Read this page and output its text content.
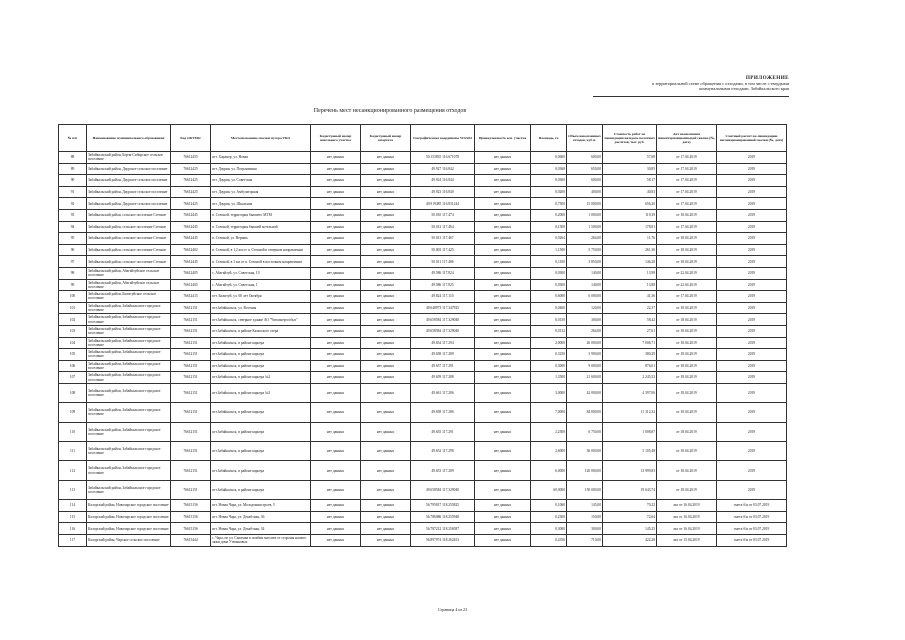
ПРИЛОЖЕНИЕ
к территориальной схеме обращения с отходами, в том числе с твердыми
коммунальными отходами, Забайкальского края
Перечень мест несанкционированного размещения отходов
№ п/п	Наименование муниципального образования	Код ОКТМО	Местоположение свалки мусора ТКО	Кадастровый номер земельного участка	Кадастровый номер квартала	Географические координаты WGS84	Принадлежность зем. участка	Площадь, га	Объем накопленных отходов, куб.м.	Стоимость работ по ликвидации на/вдоль полотных расчетов, тыс. руб.	Акт выполнения инвентаризационныдой свалки (№, дата)	Сметный расчет на ликвидацию несанкционированной свалки (№, дата)
88	Забайкальский район, Борзя-Сибирское сельское поселение	76612455	пгт. Харанор, ул. Новая	нет данных	нет данных	50.153835 116.671078	нет данных	0,0600	600,00	57,68	от 17.04.2019	2019
89	Забайкальский район, Даурское сельское поселение	76612425	пгт. Даурия, ул. Пограничная	нет данных	нет данных	49.927 116.842	нет данных	0,0368	650,00	30,85	от 17.04.2019	2019
90	Забайкальский район, Даурское сельское поселение	76612425	пгт. Даурия, ул. Советская	нет данных	нет данных	49.924 116.844	нет данных	0,0300	600,00	58,17	от 17.04.2019	2019
91	Забайкальский район, Даурское сельское поселение	76612425	пгт. Даурия, ул. Амбулаторная	нет данных	нет данных	49.923 116.840	нет данных	0,0200	400,00	40,83	от 17.04.2019	2019
92	Забайкальский район, Даурское сельское поселение	76612425	пгт. Даурия, ул. Школьная	нет данных	нет данных	49.919485 116.831244	нет данных	0,7500	15 000,00	656,20	от 17.04.2019	2019
93	Забайкальский район, сельское поселение Степное	76612445	п. Степной, территория бывшего МТМ	нет данных	нет данных	50.010 117.474	нет данных	0,2000	1 000,00	119,39	от 18.04.2019	2019
94	Забайкальский район, сельское поселение Степное	76612445	п. Степной, территория бывшей котельной	нет данных	нет данных	50.012 117.464	нет данных	0,1500	1 500,00	178,81	от 17.04.2019	2019
95	Забайкальский район, сельское поселение Степное	76612445	п. Степной, ул. Веришь	нет данных	нет данных	50.013 117.467	нет данных	0,0264	264,00	11,76	от 18.04.2019	2019
96	Забайкальский район, сельское поселение Степное	76612402	п. Степной, в 1,2 км от п. Степной в северном направлении	нет данных	нет данных	50.002 117.425	нет данных	1,1500	5 750,00	261,36	от 18.04.2019	2019
97	Забайкальский район, сельское поселение Степное	76612445	п. Степной, в 1 км от п. Степной в восточном направлении	нет данных	нет данных	50.011 117.486	нет данных	0,1100	3 850,00	146,20	от 18.04.2019	2019
98	Забайкальский район, Абагайтуйское сельское поселение	76612405	с. Абагайтуй, ул. Советская, 10	нет данных	нет данных	49.586 117.824	нет данных	0,0300	140,00	13,98	от 22.04.2019	2019
99	Забайкальский район, Абагайтуйское сельское поселение	76612405	с. Абагайтуй, ул. Советская, 1	нет данных	нет данных	49.586 117.825	нет данных	0,0300	140,00	13,88	от 22.04.2019	2019
100	Забайкальский район, Билитуйское сельское поселение	76612415	пгт. Билитуй, ул. 60 лет Октября	нет данных	нет данных	49.824 117.110	нет данных	0,6000	6 000,00	41,36	от 17.04.2019	2019
101	Забайкальский район, Забайкальское городское поселение	76612151	пгт.Забайкальск, ул. Восеная	нет данных	нет данных	49.648973 117.347925	нет данных	0,0460	120,00	22,37	от 18.04.2019	2019
102	Забайкальский район, Забайкальское городское поселение	76612151	пгт.Забайкальск, северное здание АО "Читаэнергосбыт"	нет данных	нет данных	49.658584 117.329040	нет данных	0,0150	300,00	58,42	от 18.04.2019	2019
103	Забайкальский район, Забайкальское городское поселение	76612151	пгт.Забайкальск, в районе Казахского озера	нет данных	нет данных	49.658584 117.329040	нет данных	0,0132	264,00	27,61	от 18.04.2019	2019
104	Забайкальский район, Забайкальское городское поселение	76612151	пгт.Забайкальск, в районе карьера	нет данных	нет данных	49.654 117.294	нет данных	2,0000	26 000,00	7 006,71	от 18.04.2019	2019
105	Забайкальский район, Забайкальское городское поселение	76612151	пгт.Забайкальск, в районе карьера	нет данных	нет данных	49.658 117.289	нет данных	0,3250	3 900,00	380,29	от 18.04.2019	2019
106	Забайкальский район, Забайкальское городское поселение	76612151	пгт.Забайкальск, в районе карьера	нет данных	нет данных	49.657 117.291	нет данных	0,3000	9 000,00	876,01	от 18.04.2019	2019
107	Забайкальский район, Забайкальское городское поселение	76612151	пгт.Забайкальск, в районе карьера №2	нет данных	нет данных	49.659 117.288	нет данных	1,3500	21 600,00	2 245,52	от 18.04.2019	2019
108	Забайкальский район, Забайкальское городское поселение	76612151	пгт.Забайкальск, в районе карьера №3	нет данных	нет данных	49.661 117.286	нет данных	3,0000	42 000,00	4 397,06	от 18.04.2019	2019
109	Забайкальский район, Забайкальское городское поселение	76612151	пгт.Забайкальск, в районе карьера	нет данных	нет данных	49.658 117.286	нет данных	7,0000	84 000,00	11 312,32	от 18.04.2019	2019
110	Забайкальский район, Забайкальское городское поселение	76612151	пгт.Забайкальск, в районе карьера	нет данных	нет данных	49.655 117.291	нет данных	2,2500	6 750,00	1 008,87	от 18.04.2019	2019
111	Забайкальский район, Забайкальское городское поселение	76612151	пгт.Забайкальск, в районе карьера	нет данных	нет данных	49.652 117.298	нет данных	2,6000	36 000,00	5 105,48	от 18.04.2019	2019
112	Забайкальский район, Забайкальское городское поселение	76612151	пгт.Забайкальск, в районе карьера	нет данных	нет данных	49.653 117.289	нет данных	6,0000	120 000,00	13 999,83	от 18.04.2019	2019
113	Забайкальский район, Забайкальское городское поселение	76612151	пгт.Забайкальск, в районе карьера	нет данных	нет данных	49.658584 117.329040	нет данных	60,0000	150 000,00	19 643,74	от 18.04.2019	2019
114	Калорский район, Новочарское городское поселение	76615156	пгт. Новая Чара, ул. Молодежинстроев, 5	нет данных	нет данных	56.795817 118.255825	нет данных	0,1060	145,00	70,22	акт от 16.04.2019	смета б/н от 03.07.2019
115	Калорский район, Новочарское городское поселение	76615156	пгт. Новая Чара, ул. Декабтная, 36	нет данных	нет данных	56.786086 118.255948	нет данных	0,2300	150,00	72,64	акт от 16.04.2019	смета б/н от 03.07.2019
116	Калорский район, Новочарское городское поселение	76615156	пгт. Новая Чара, ул. Декабтная, 34	нет данных	нет данных	56.787212 118.256587	нет данных	0,3000	300,00	145,25	акт от 16.04.2019	смета б/н от 03.07.2019
117	Калорский район, Чарское сельское поселение	76615444	с. Чара, по ул. Сыктыва в ложбин массиве от стороны нашего ляжи дома Утюжковых	нет данных	нет данных	56.897974 118.262453	нет данных	0,4356	710,00	422,28	акт от 15.04.2019	смета б/н от 03.07.2019
Страница 4 из 23
